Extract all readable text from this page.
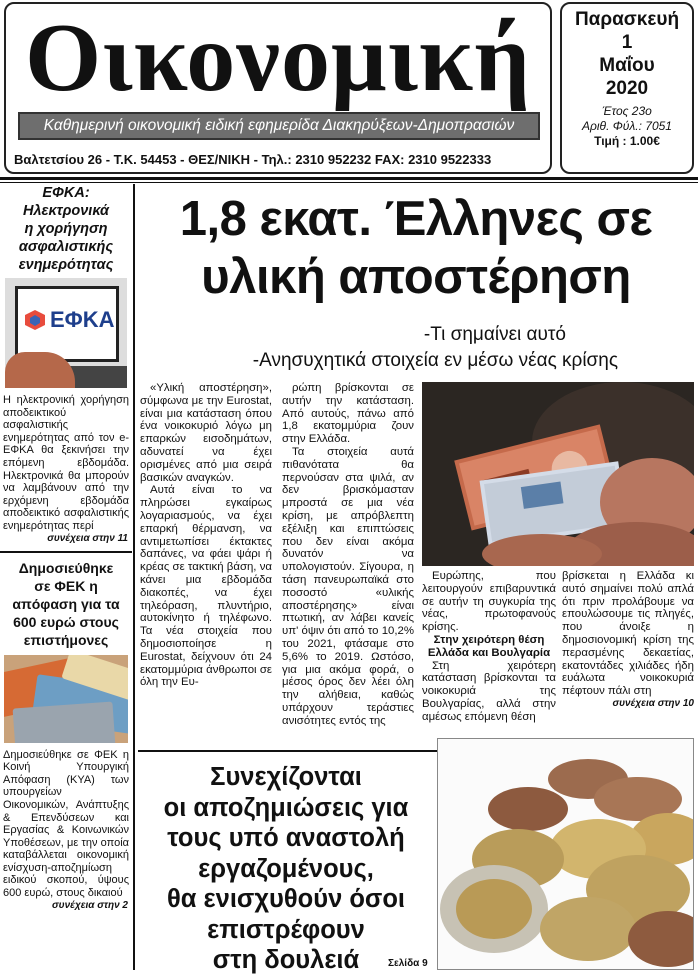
Οικονομική
Καθημερινή οικονομική ειδική εφημερίδα Διακηρύξεων-Δημοπρασιών
Βαλτετσίου 26 - Τ.Κ. 54453 - ΘΕΣ/ΝΙΚΗ - Τηλ.: 2310 952232 FAX: 2310 9522333
Παρασκευή
1
Μαΐου
2020
Έτος 23ο
Αριθ. Φύλ.: 7051
Τιμή : 1.00€
ΕΦΚΑ:
Ηλεκτρονικά
η χορήγηση
ασφαλιστικής
ενημερότητας
ΕΦΚΑ
Η ηλεκτρονική χορήγηση αποδεικτικού ασφαλιστικής ενημερότητας από τον e-ΕΦΚΑ θα ξεκινήσει την επόμενη εβδομάδα. Ηλεκτρονικά θα μπορούν να λαμβάνουν από την ερχόμενη εβδομάδα αποδεικτικό ασφαλιστικής ενημερότητας περί
συνέχεια στην 11
Δημοσιεύθηκε
σε ΦΕΚ η
απόφαση για τα
600 ευρώ στους
επιστήμονες
Δημοσιεύθηκε σε ΦΕΚ η Κοινή Υπουργική Απόφαση (ΚΥΑ) των υπουργείων Οικονομικών, Ανάπτυξης & Επενδύσεων και Εργασίας & Κοινωνικών Υποθέσεων, με την οποία καταβάλλεται οικονομική ενίσχυση-αποζημίωση ειδικού σκοπού, ύψους 600 ευρώ, στους δικαιού
συνέχεια στην 2
1,8 εκατ. Έλληνες σε
υλική αποστέρηση
-Τι σημαίνει αυτό
-Ανησυχητικά στοιχεία εν μέσω νέας κρίσης

«Υλική αποστέρηση», σύμφωνα με την Eurostat, είναι μια κατάσταση όπου ένα νοικοκυριό λόγω μη επαρκών εισοδημάτων, αδυνατεί να έχει ορισμένες από μια σειρά βασικών αναγκών.

Αυτά είναι το να πληρώσει εγκαίρως λογαριασμούς, να έχει επαρκή θέρμανση, να αντιμετωπίσει έκτακτες δαπάνες, να φάει ψάρι ή κρέας σε τακτική βάση, να κάνει μια εβδομάδα διακοπές, να έχει τηλεόραση, πλυντήριο, αυτοκίνητο ή τηλέφωνο. Τα νέα στοιχεία που δημοσιοποίησε η Eurostat, δείχνουν ότι 24 εκατομμύρια άνθρωποι σε όλη την Ευ-

ρώπη βρίσκονται σε αυτήν την κατάσταση. Από αυτούς, πάνω από 1,8 εκατομμύρια ζουν στην Ελλάδα.

Τα στοιχεία αυτά πιθανότατα θα περνούσαν στα ψιλά, αν δεν βρισκόμασταν μπροστά σε μια νέα κρίση, με απρόβλεπτη εξέλιξη και επιπτώσεις που δεν είναι ακόμα δυνατόν να υπολογιστούν. Σίγουρα, η τάση πανευρωπαϊκά στο ποσοστό «υλικής αποστέρησης» είναι πτωτική, αν λάβει κανείς υπ' όψιν ότι από το 10,2% του 2021, φτάσαμε στο 5,6% το 2019. Ωστόσο, για μια ακόμα φορά, ο μέσος όρος δεν λέει όλη την αλήθεια, καθώς υπάρχουν τεράστιες ανισότητες εντός της

Ευρώπης, που λειτουργούν επιβαρυντικά σε αυτήν τη συγκυρία της νέας, πρωτοφανούς κρίσης.

Στην χειρότερη θέση Ελλάδα και Βουλγαρία

Στη χειρότερη κατάσταση βρίσκονται τα νοικοκυριά της Βουλγαρίας, αλλά στην αμέσως επόμενη θέση

βρίσκεται η Ελλάδα κι αυτό σημαίνει πολύ απλά ότι πριν προλάβουμε να επουλώσουμε τις πληγές, που άνοιξε η δημοσιονομική κρίση της περασμένης δεκαετίας, εκατοντάδες χιλιάδες ήδη ευάλωτα νοικοκυριά πέφτουν πάλι στη

συνέχεια στην 10
Συνεχίζονται
οι αποζημιώσεις για
τους υπό αναστολή
εργαζομένους,
θα ενισχυθούν όσοι
επιστρέφουν
στη δουλειά	Σελίδα 9
